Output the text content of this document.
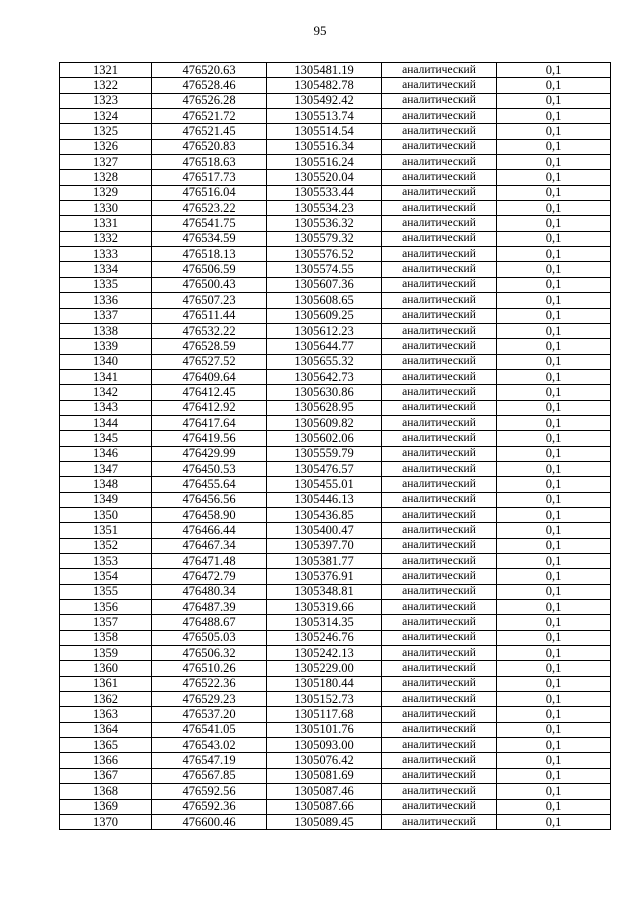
95
1321	476520.63	1305481.19	аналитический	0,1
1322	476528.46	1305482.78	аналитический	0,1
1323	476526.28	1305492.42	аналитический	0,1
1324	476521.72	1305513.74	аналитический	0,1
1325	476521.45	1305514.54	аналитический	0,1
1326	476520.83	1305516.34	аналитический	0,1
1327	476518.63	1305516.24	аналитический	0,1
1328	476517.73	1305520.04	аналитический	0,1
1329	476516.04	1305533.44	аналитический	0,1
1330	476523.22	1305534.23	аналитический	0,1
1331	476541.75	1305536.32	аналитический	0,1
1332	476534.59	1305579.32	аналитический	0,1
1333	476518.13	1305576.52	аналитический	0,1
1334	476506.59	1305574.55	аналитический	0,1
1335	476500.43	1305607.36	аналитический	0,1
1336	476507.23	1305608.65	аналитический	0,1
1337	476511.44	1305609.25	аналитический	0,1
1338	476532.22	1305612.23	аналитический	0,1
1339	476528.59	1305644.77	аналитический	0,1
1340	476527.52	1305655.32	аналитический	0,1
1341	476409.64	1305642.73	аналитический	0,1
1342	476412.45	1305630.86	аналитический	0,1
1343	476412.92	1305628.95	аналитический	0,1
1344	476417.64	1305609.82	аналитический	0,1
1345	476419.56	1305602.06	аналитический	0,1
1346	476429.99	1305559.79	аналитический	0,1
1347	476450.53	1305476.57	аналитический	0,1
1348	476455.64	1305455.01	аналитический	0,1
1349	476456.56	1305446.13	аналитический	0,1
1350	476458.90	1305436.85	аналитический	0,1
1351	476466.44	1305400.47	аналитический	0,1
1352	476467.34	1305397.70	аналитический	0,1
1353	476471.48	1305381.77	аналитический	0,1
1354	476472.79	1305376.91	аналитический	0,1
1355	476480.34	1305348.81	аналитический	0,1
1356	476487.39	1305319.66	аналитический	0,1
1357	476488.67	1305314.35	аналитический	0,1
1358	476505.03	1305246.76	аналитический	0,1
1359	476506.32	1305242.13	аналитический	0,1
1360	476510.26	1305229.00	аналитический	0,1
1361	476522.36	1305180.44	аналитический	0,1
1362	476529.23	1305152.73	аналитический	0,1
1363	476537.20	1305117.68	аналитический	0,1
1364	476541.05	1305101.76	аналитический	0,1
1365	476543.02	1305093.00	аналитический	0,1
1366	476547.19	1305076.42	аналитический	0,1
1367	476567.85	1305081.69	аналитический	0,1
1368	476592.56	1305087.46	аналитический	0,1
1369	476592.36	1305087.66	аналитический	0,1
1370	476600.46	1305089.45	аналитический	0,1
